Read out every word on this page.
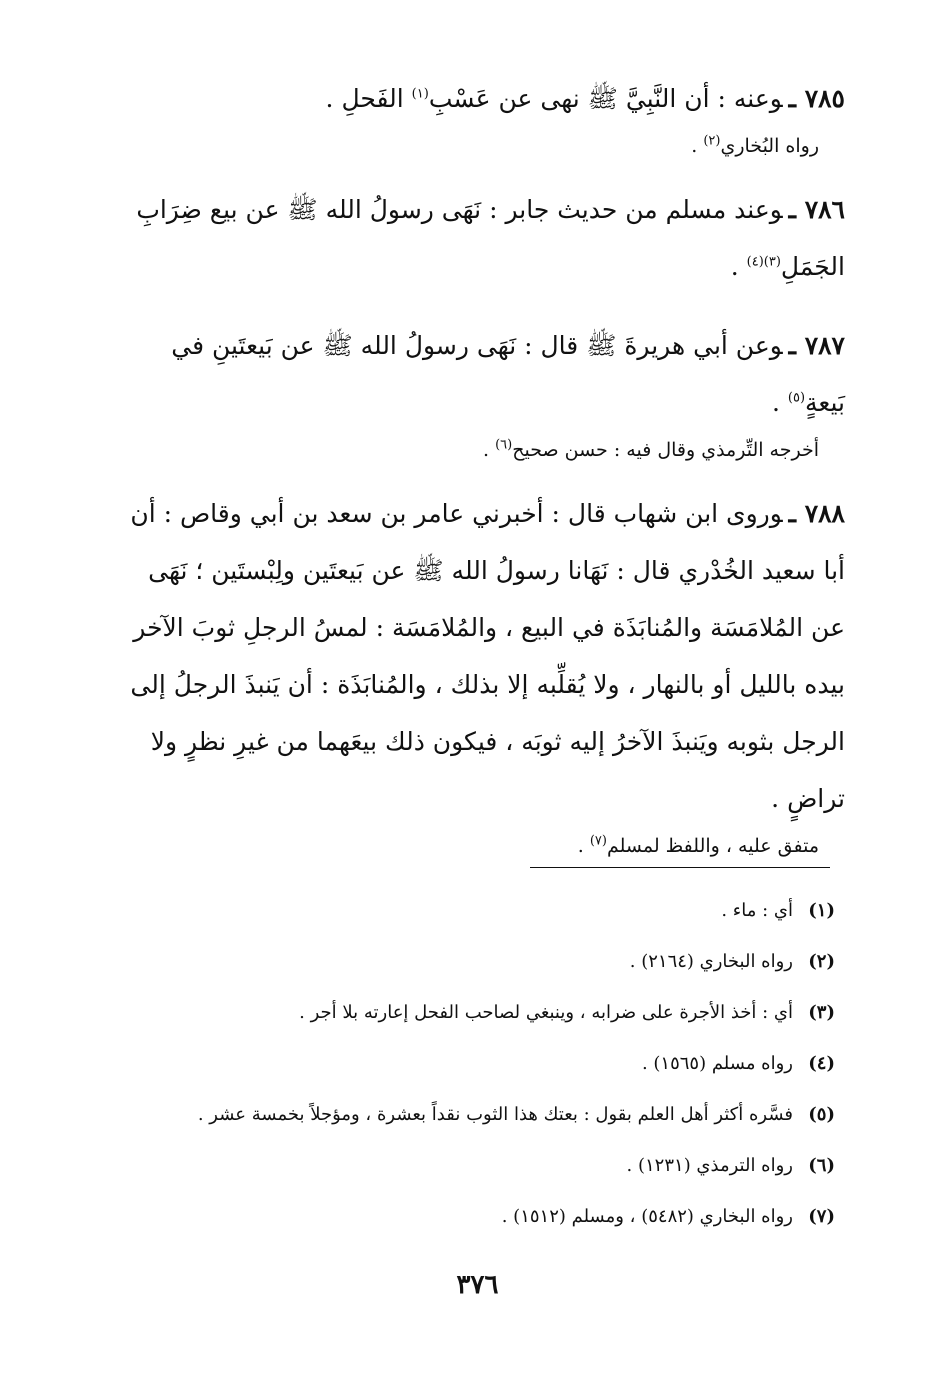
٧٨٥ ـوعنه : أن النَّبِيَّ ﷺ نهى عن عَسْبِ$^{(١)}$ الفَحلِ .

رواه البُخاري$^{(٢)}$ .

٧٨٦ ـوعند مسلم من حديث جابر : نَهَى رسولُ الله ﷺ عن بيع ضِرَابِ الجَمَلِ$^{(٣)(٤)}$ .

٧٨٧ ـوعن أبي هريرةَ ﷺ قال : نَهَى رسولُ الله ﷺ عن بَيعتَينِ في بَيعةٍ$^{(٥)}$ .

أخرجه التِّرمذي وقال فيه : حسن صحيح$^{(٦)}$ .

٧٨٨ ـوروى ابن شهاب قال : أخبرني عامر بن سعد بن أبي وقاص : أن أبا سعيد الخُدْري قال : نَهَانا رسولُ الله ﷺ عن بَيعتَين ولِبْستَين ؛ نَهَى عن المُلامَسَة والمُنابَذَة في البيع ، والمُلامَسَة : لمسُ الرجلِ ثوبَ الآخر بيده بالليل أو بالنهار ، ولا يُقلِّبه إلا بذلك ، والمُنابَذَة : أن يَنبذَ الرجلُ إلى الرجل بثوبه ويَنبذَ الآخرُ إليه ثوبَه ، فيكون ذلك بيعَهما من غيرِ نظرٍ ولا تراضٍ .

متفق عليه ، واللفظ لمسلم$^{(٧)}$ .

(١)أي : ماء .
(٢)رواه البخاري (٢١٦٤) .
(٣)أي : أخذ الأجرة على ضرابه ، وينبغي لصاحب الفحل إعارته بلا أجر .
(٤)رواه مسلم (١٥٦٥) .
(٥)فسَّره أكثر أهل العلم بقول : بعتك هذا الثوب نقداً بعشرة ، ومؤجلاً بخمسة عشر .
(٦)رواه الترمذي (١٢٣١) .
(٧)رواه البخاري (٥٤٨٢) ، ومسلم (١٥١٢) .
٣٧٦
